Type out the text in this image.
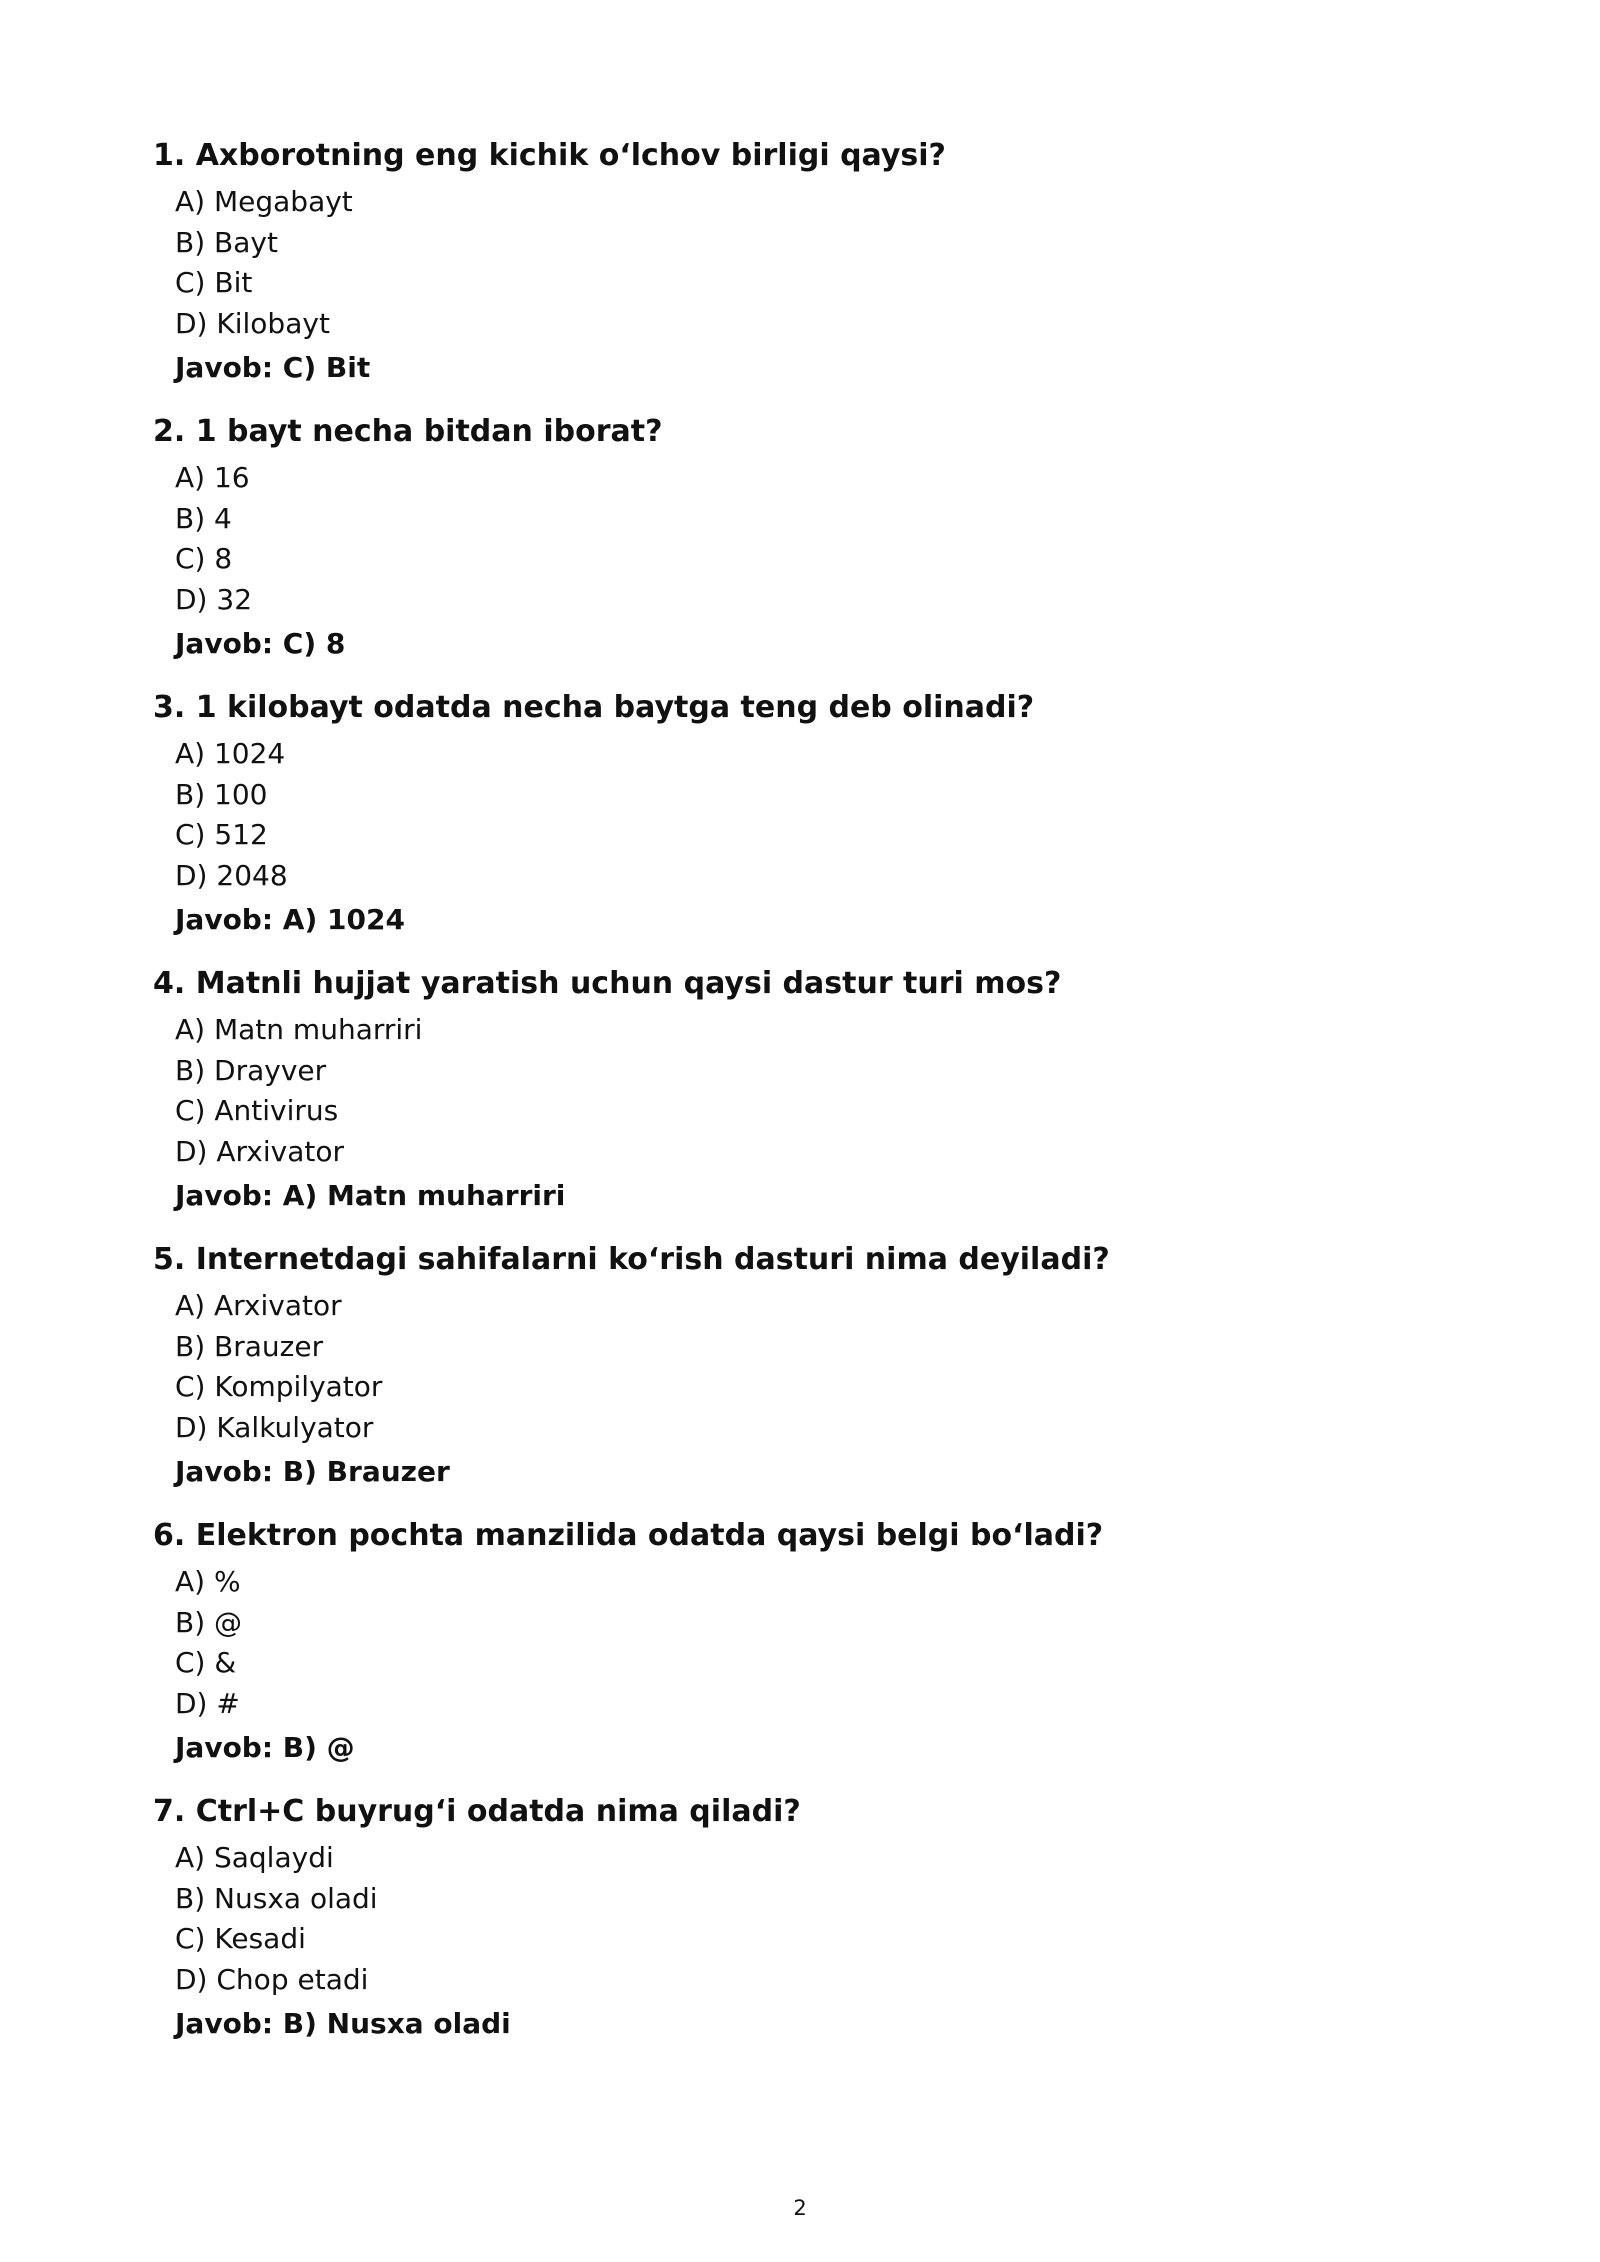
1. Axborotning eng kichik o‘lchov birligi qaysi?

A) Megabayt
B) Bayt
C) Bit
D) Kilobayt
Javob: C) Bit

2. 1 bayt necha bitdan iborat?

A) 16
B) 4
C) 8
D) 32
Javob: C) 8

3. 1 kilobayt odatda necha baytga teng deb olinadi?

A) 1024
B) 100
C) 512
D) 2048
Javob: A) 1024

4. Matnli hujjat yaratish uchun qaysi dastur turi mos?

A) Matn muharriri
B) Drayver
C) Antivirus
D) Arxivator
Javob: A) Matn muharriri

5. Internetdagi sahifalarni ko‘rish dasturi nima deyiladi?

A) Arxivator
B) Brauzer
C) Kompilyator
D) Kalkulyator
Javob: B) Brauzer

6. Elektron pochta manzilida odatda qaysi belgi bo‘ladi?

A) %
B) @
C) &
D) #
Javob: B) @

7. Ctrl+C buyrug‘i odatda nima qiladi?

A) Saqlaydi
B) Nusxa oladi
C) Kesadi
D) Chop etadi
Javob: B) Nusxa oladi
2
